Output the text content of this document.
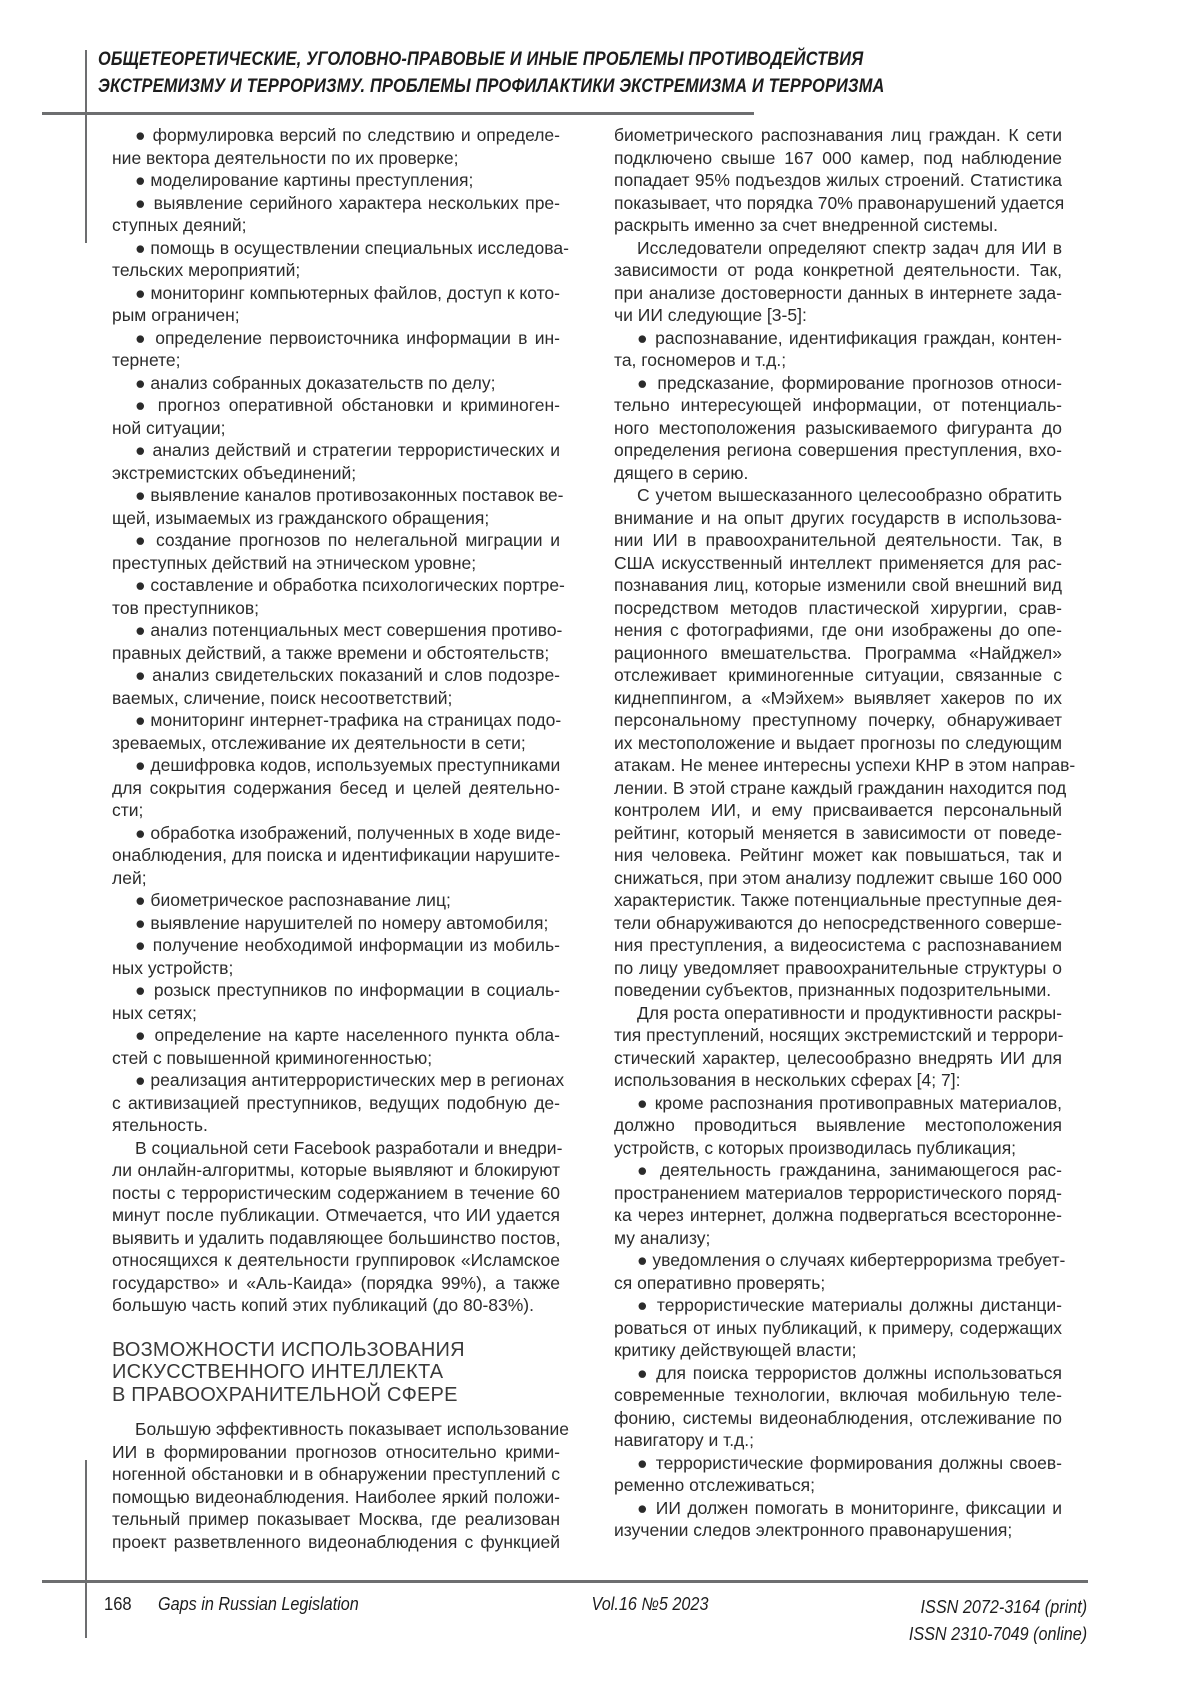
ОБЩЕТЕОРЕТИЧЕСКИЕ, УГОЛОВНО-ПРАВОВЫЕ И ИНЫЕ ПРОБЛЕМЫ ПРОТИВОДЕЙСТВИЯ
ЭКСТРЕМИЗМУ И ТЕРРОРИЗМУ. ПРОБЛЕМЫ ПРОФИЛАКТИКИ ЭКСТРЕМИЗМА И ТЕРРОРИЗМА
● формулировка версий по следствию и определе-
ние вектора деятельности по их проверке;
● моделирование картины преступления;
● выявление серийного характера нескольких пре-
ступных деяний;
● помощь в осуществлении специальных исследова-
тельских мероприятий;
● мониторинг компьютерных файлов, доступ к кото-
рым ограничен;
● определение первоисточника информации в ин-
тернете;
● анализ собранных доказательств по делу;
● прогноз оперативной обстановки и криминоген-
ной ситуации;
● анализ действий и стратегии террористических и
экстремистских объединений;
● выявление каналов противозаконных поставок ве-
щей, изымаемых из гражданского обращения;
● создание прогнозов по нелегальной миграции и
преступных действий на этническом уровне;
● составление и обработка психологических портре-
тов преступников;
● анализ потенциальных мест совершения противо-
правных действий, а также времени и обстоятельств;
● анализ свидетельских показаний и слов подозре-
ваемых, сличение, поиск несоответствий;
● мониторинг интернет-трафика на страницах подо-
зреваемых, отслеживание их деятельности в сети;
● дешифровка кодов, используемых преступниками
для сокрытия содержания бесед и целей деятельно-
сти;
● обработка изображений, полученных в ходе виде-
онаблюдения, для поиска и идентификации нарушите-
лей;
● биометрическое распознавание лиц;
● выявление нарушителей по номеру автомобиля;
● получение необходимой информации из мобиль-
ных устройств;
● розыск преступников по информации в социаль-
ных сетях;
● определение на карте населенного пункта обла-
стей с повышенной криминогенностью;
● реализация антитеррористических мер в регионах
с активизацией преступников, ведущих подобную де-
ятельность.
В социальной сети Facebook разработали и внедри-
ли онлайн-алгоритмы, которые выявляют и блокируют
посты с террористическим содержанием в течение 60
минут после публикации. Отмечается, что ИИ удается
выявить и удалить подавляющее большинство постов,
относящихся к деятельности группировок «Исламское
государство» и «Аль-Каида» (порядка 99%), а также
большую часть копий этих публикаций (до 80-83%).
ВОЗМОЖНОСТИ ИСПОЛЬЗОВАНИЯ
ИСКУССТВЕННОГО ИНТЕЛЛЕКТА
В ПРАВООХРАНИТЕЛЬНОЙ СФЕРЕ
Большую эффективность показывает использование
ИИ в формировании прогнозов относительно крими-
ногенной обстановки и в обнаружении преступлений с
помощью видеонаблюдения. Наиболее яркий положи-
тельный пример показывает Москва, где реализован
проект разветвленного видеонаблюдения с функцией
биометрического распознавания лиц граждан. К сети
подключено свыше 167 000 камер, под наблюдение
попадает 95% подъездов жилых строений. Статистика
показывает, что порядка 70% правонарушений удается
раскрыть именно за счет внедренной системы.
Исследователи определяют спектр задач для ИИ в
зависимости от рода конкретной деятельности. Так,
при анализе достоверности данных в интернете зада-
чи ИИ следующие [3-5]:
● распознавание, идентификация граждан, контен-
та, госномеров и т.д.;
● предсказание, формирование прогнозов относи-
тельно интересующей информации, от потенциаль-
ного местоположения разыскиваемого фигуранта до
определения региона совершения преступления, вхо-
дящего в серию.
С учетом вышесказанного целесообразно обратить
внимание и на опыт других государств в использова-
нии ИИ в правоохранительной деятельности. Так, в
США искусственный интеллект применяется для рас-
познавания лиц, которые изменили свой внешний вид
посредством методов пластической хирургии, срав-
нения с фотографиями, где они изображены до опе-
рационного вмешательства. Программа «Найджел»
отслеживает криминогенные ситуации, связанные с
киднеппингом, а «Мэйхем» выявляет хакеров по их
персональному преступному почерку, обнаруживает
их местоположение и выдает прогнозы по следующим
атакам. Не менее интересны успехи КНР в этом направ-
лении. В этой стране каждый гражданин находится под
контролем ИИ, и ему присваивается персональный
рейтинг, который меняется в зависимости от поведе-
ния человека. Рейтинг может как повышаться, так и
снижаться, при этом анализу подлежит свыше 160 000
характеристик. Также потенциальные преступные дея-
тели обнаруживаются до непосредственного соверше-
ния преступления, а видеосистема с распознаванием
по лицу уведомляет правоохранительные структуры о
поведении субъектов, признанных подозрительными.
Для роста оперативности и продуктивности раскры-
тия преступлений, носящих экстремистский и террори-
стический характер, целесообразно внедрять ИИ для
использования в нескольких сферах [4; 7]:
● кроме распознания противоправных материалов,
должно проводиться выявление местоположения
устройств, с которых производилась публикация;
● деятельность гражданина, занимающегося рас-
пространением материалов террористического поряд-
ка через интернет, должна подвергаться всесторонне-
му анализу;
● уведомления о случаях кибертерроризма требует-
ся оперативно проверять;
● террористические материалы должны дистанци-
роваться от иных публикаций, к примеру, содержащих
критику действующей власти;
● для поиска террористов должны использоваться
современные технологии, включая мобильную теле-
фонию, системы видеонаблюдения, отслеживание по
навигатору и т.д.;
● террористические формирования должны своев-
ременно отслеживаться;
● ИИ должен помогать в мониторинге, фиксации и
изучении следов электронного правонарушения;
168 Gaps in Russian Legislation	Vol.16 №5 2023	ISSN 2072-3164 (print)
ISSN 2310-7049 (online)
